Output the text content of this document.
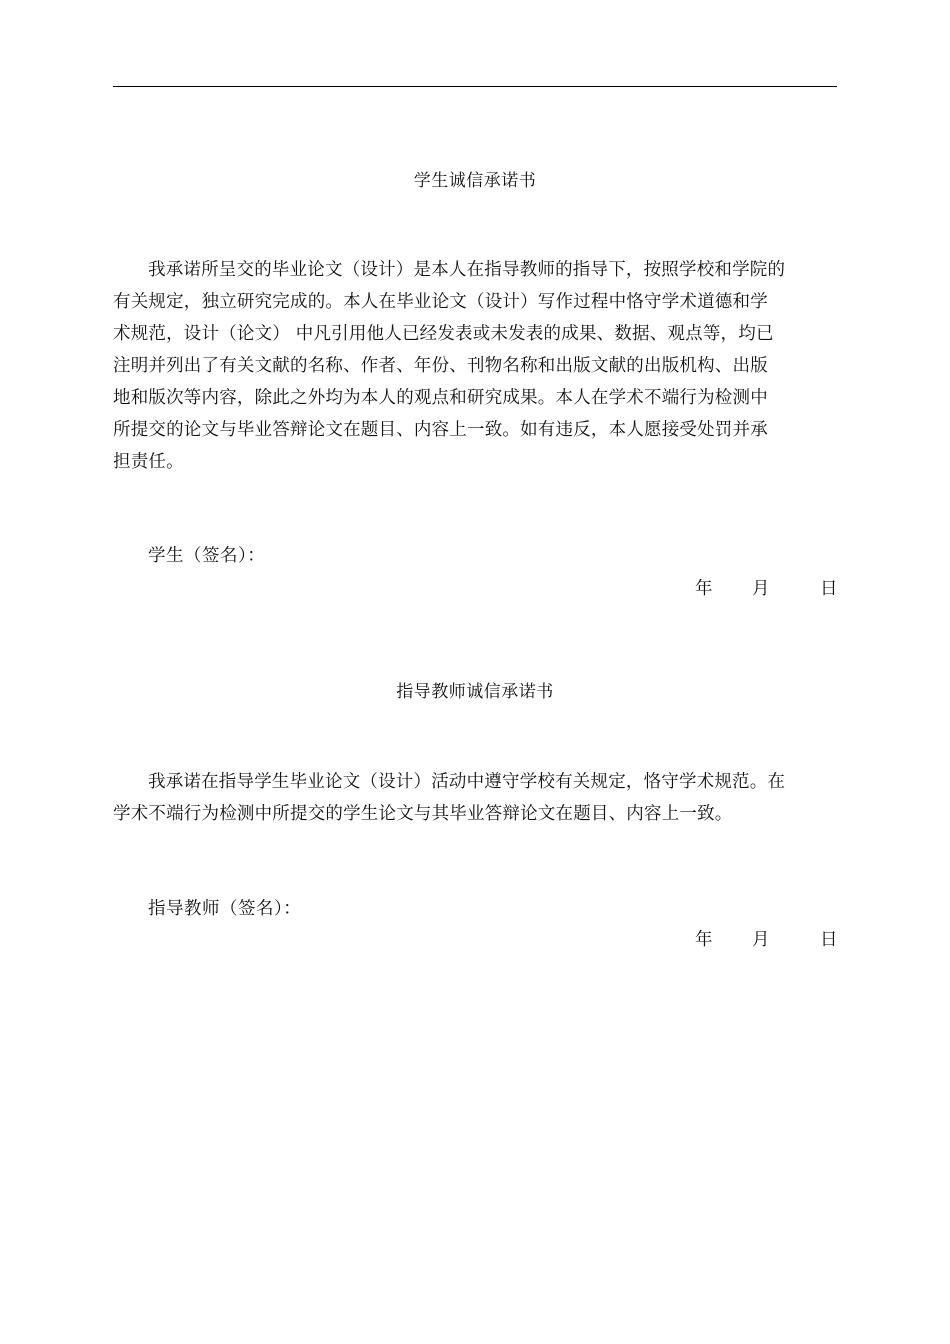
学生诚信承诺书
我承诺所呈交的毕业论文（设计）是本人在指导教师的指导下，按照学校和学院的
有关规定，独立研究完成的。本人在毕业论文（设计）写作过程中恪守学术道德和学
术规范，设计（论文） 中凡引用他人已经发表或未发表的成果、数据、观点等，均已
注明并列出了有关文献的名称、作者、年份、刊物名称和出版文献的出版机构、出版
地和版次等内容，除此之外均为本人的观点和研究成果。本人在学术不端行为检测中
所提交的论文与毕业答辩论文在题目、内容上一致。如有违反，本人愿接受处罚并承
担责任。
学生（签名）：
年 月	日
指导教师诚信承诺书
我承诺在指导学生毕业论文（设计）活动中遵守学校有关规定，恪守学术规范。在
学术不端行为检测中所提交的学生论文与其毕业答辩论文在题目、内容上一致。
指导教师（签名）：
年 月	日
